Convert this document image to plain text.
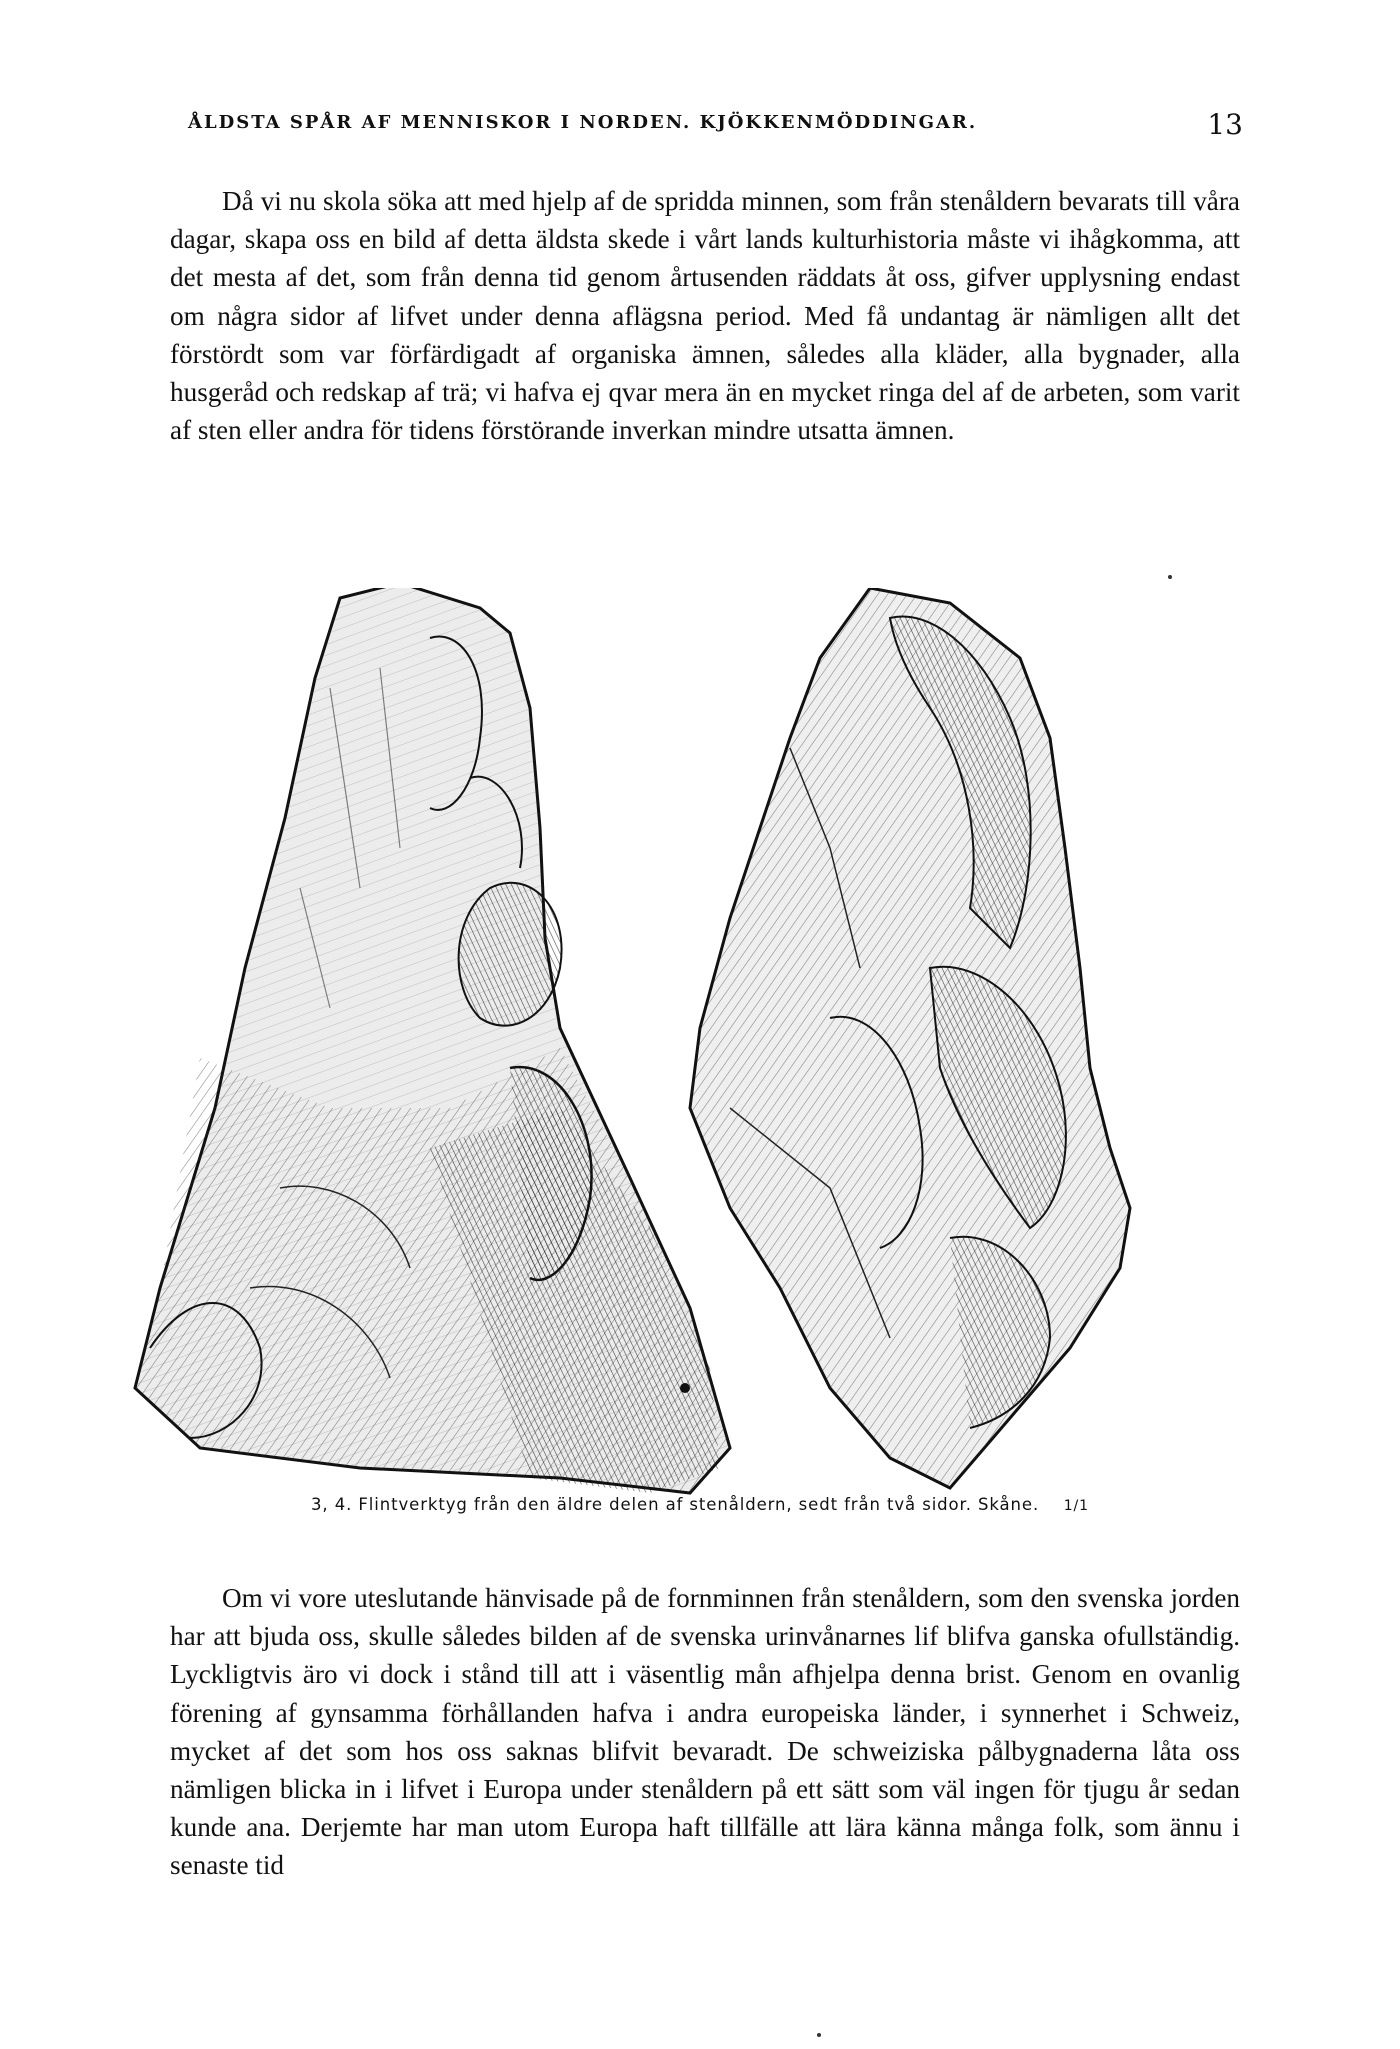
ÅLDSTA SPÅR AF MENNISKOR I NORDEN. KJÖKKENMÖDDINGAR.	13

Då vi nu skola söka att med hjelp af de spridda minnen, som från stenåldern bevarats till våra dagar, skapa oss en bild af detta äldsta skede i vårt lands kulturhistoria måste vi ihågkomma, att det mesta af det, som från denna tid genom årtusenden räddats åt oss, gifver upplysning endast om några sidor af lifvet under denna aflägsna period. Med få undantag är nämligen allt det förstördt som var förfärdigadt af organiska ämnen, således alla kläder, alla bygnader, alla husgeråd och redskap af trä; vi hafva ej qvar mera än en mycket ringa del af de arbeten, som varit af sten eller andra för tidens förstörande inverkan mindre utsatta ämnen.

3, 4. Flintverktyg från den äldre delen af stenåldern, sedt från två sidor. Skåne. 1/1

Om vi vore uteslutande hänvisade på de fornminnen från stenåldern, som den svenska jorden har att bjuda oss, skulle således bilden af de svenska urinvånarnes lif blifva ganska ofullständig. Lyckligtvis äro vi dock i stånd till att i väsentlig mån afhjelpa denna brist. Genom en ovanlig förening af gynsamma förhållanden hafva i andra europeiska länder, i synnerhet i Schweiz, mycket af det som hos oss saknas blifvit bevaradt. De schweiziska pålbygnaderna låta oss nämligen blicka in i lifvet i Europa under stenåldern på ett sätt som väl ingen för tjugu år sedan kunde ana. Derjemte har man utom Europa haft tillfälle att lära känna många folk, som ännu i senaste tid
